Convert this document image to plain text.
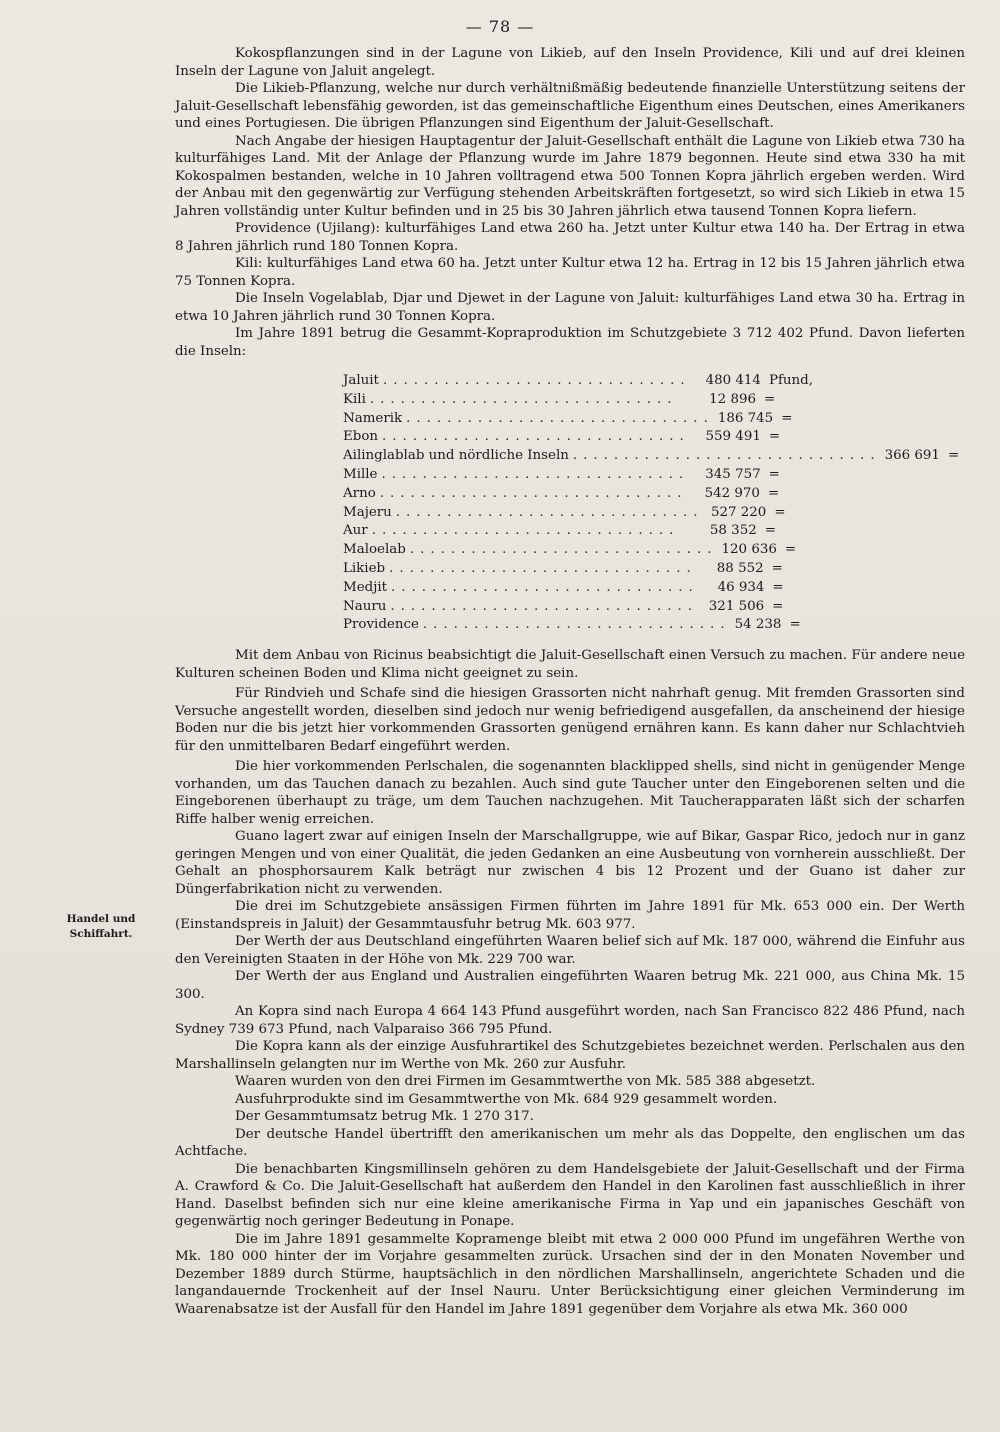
— 78 —
Handel und Schiffahrt.

Kokospflanzungen sind in der Lagune von Likieb, auf den Inseln Providence, Kili und auf drei kleinen Inseln der Lagune von Jaluit angelegt.

Die Likieb-Pflanzung, welche nur durch verhältnißmäßig bedeutende finanzielle Unterstützung seitens der Jaluit-Gesellschaft lebensfähig geworden, ist das gemeinschaftliche Eigenthum eines Deutschen, eines Amerikaners und eines Portugiesen. Die übrigen Pflanzungen sind Eigenthum der Jaluit-Gesellschaft.

Nach Angabe der hiesigen Hauptagentur der Jaluit-Gesellschaft enthält die Lagune von Likieb etwa 730 ha kulturfähiges Land. Mit der Anlage der Pflanzung wurde im Jahre 1879 begonnen. Heute sind etwa 330 ha mit Kokospalmen bestanden, welche in 10 Jahren volltragend etwa 500 Tonnen Kopra jährlich ergeben werden. Wird der Anbau mit den gegenwärtig zur Verfügung stehenden Arbeitskräften fortgesetzt, so wird sich Likieb in etwa 15 Jahren vollständig unter Kultur befinden und in 25 bis 30 Jahren jährlich etwa tausend Tonnen Kopra liefern.

Providence (Ujilang): kulturfähiges Land etwa 260 ha. Jetzt unter Kultur etwa 140 ha. Der Ertrag in etwa 8 Jahren jährlich rund 180 Tonnen Kopra.

Kili: kulturfähiges Land etwa 60 ha. Jetzt unter Kultur etwa 12 ha. Ertrag in 12 bis 15 Jahren jährlich etwa 75 Tonnen Kopra.

Die Inseln Vogelablab, Djar und Djewet in der Lagune von Jaluit: kulturfähiges Land etwa 30 ha. Ertrag in etwa 10 Jahren jährlich rund 30 Tonnen Kopra.

Im Jahre 1891 betrug die Gesammt-Kopraproduktion im Schutzgebiete 3 712 402 Pfund. Davon lieferten die Inseln:

Jaluit ..............................	480 414 Pfund,
Kili ..............................	12 896 =
Namerik .............................. 186 745 =
Ebon ..............................	559 491 =
Ailinglablab und nördliche Inseln .............................. 366 691 =
Mille ..............................	345 757 =
Arno ..............................	542 970 =
Majeru .............................. 527 220 =
Aur ..............................	58 352 =
Maloelab .............................. 120 636 =
Likieb ..............................	88 552 =
Medjit ..............................	46 934 =
Nauru .............................. 321 506 =
Providence .............................. 54 238 =

Mit dem Anbau von Ricinus beabsichtigt die Jaluit-Gesellschaft einen Versuch zu machen. Für andere neue Kulturen scheinen Boden und Klima nicht geeignet zu sein.

Für Rindvieh und Schafe sind die hiesigen Grassorten nicht nahrhaft genug. Mit fremden Grassorten sind Versuche angestellt worden, dieselben sind jedoch nur wenig befriedigend ausgefallen, da anscheinend der hiesige Boden nur die bis jetzt hier vorkommenden Grassorten genügend ernähren kann. Es kann daher nur Schlachtvieh für den unmittelbaren Bedarf eingeführt werden.

Die hier vorkommenden Perlschalen, die sogenannten blacklipped shells, sind nicht in genügender Menge vorhanden, um das Tauchen danach zu bezahlen. Auch sind gute Taucher unter den Eingeborenen selten und die Eingeborenen überhaupt zu träge, um dem Tauchen nachzugehen. Mit Taucherapparaten läßt sich der scharfen Riffe halber wenig erreichen.

Guano lagert zwar auf einigen Inseln der Marschallgruppe, wie auf Bikar, Gaspar Rico, jedoch nur in ganz geringen Mengen und von einer Qualität, die jeden Gedanken an eine Ausbeutung von vornherein ausschließt. Der Gehalt an phosphorsaurem Kalk beträgt nur zwischen 4 bis 12 Prozent und der Guano ist daher zur Düngerfabrikation nicht zu verwenden.

Die drei im Schutzgebiete ansässigen Firmen führten im Jahre 1891 für Mk. 653 000 ein. Der Werth (Einstandspreis in Jaluit) der Gesammtausfuhr betrug Mk. 603 977.

Der Werth der aus Deutschland eingeführten Waaren belief sich auf Mk. 187 000, während die Einfuhr aus den Vereinigten Staaten in der Höhe von Mk. 229 700 war.

Der Werth der aus England und Australien eingeführten Waaren betrug Mk. 221 000, aus China Mk. 15 300.

An Kopra sind nach Europa 4 664 143 Pfund ausgeführt worden, nach San Francisco 822 486 Pfund, nach Sydney 739 673 Pfund, nach Valparaiso 366 795 Pfund.

Die Kopra kann als der einzige Ausfuhrartikel des Schutzgebietes bezeichnet werden. Perlschalen aus den Marshallinseln gelangten nur im Werthe von Mk. 260 zur Ausfuhr.

Waaren wurden von den drei Firmen im Gesammtwerthe von Mk. 585 388 abgesetzt.

Ausfuhrprodukte sind im Gesammtwerthe von Mk. 684 929 gesammelt worden.

Der Gesammtumsatz betrug Mk. 1 270 317.

Der deutsche Handel übertrifft den amerikanischen um mehr als das Doppelte, den englischen um das Achtfache.

Die benachbarten Kingsmillinseln gehören zu dem Handelsgebiete der Jaluit-Gesellschaft und der Firma A. Crawford & Co. Die Jaluit-Gesellschaft hat außerdem den Handel in den Karolinen fast ausschließlich in ihrer Hand. Daselbst befinden sich nur eine kleine amerikanische Firma in Yap und ein japanisches Geschäft von gegenwärtig noch geringer Bedeutung in Ponape.

Die im Jahre 1891 gesammelte Kopramenge bleibt mit etwa 2 000 000 Pfund im ungefähren Werthe von Mk. 180 000 hinter der im Vorjahre gesammelten zurück. Ursachen sind der in den Monaten November und Dezember 1889 durch Stürme, hauptsächlich in den nördlichen Marshallinseln, angerichtete Schaden und die langandauernde Trockenheit auf der Insel Nauru. Unter Berücksichtigung einer gleichen Verminderung im Waarenabsatze ist der Ausfall für den Handel im Jahre 1891 gegenüber dem Vorjahre als etwa Mk. 360 000
